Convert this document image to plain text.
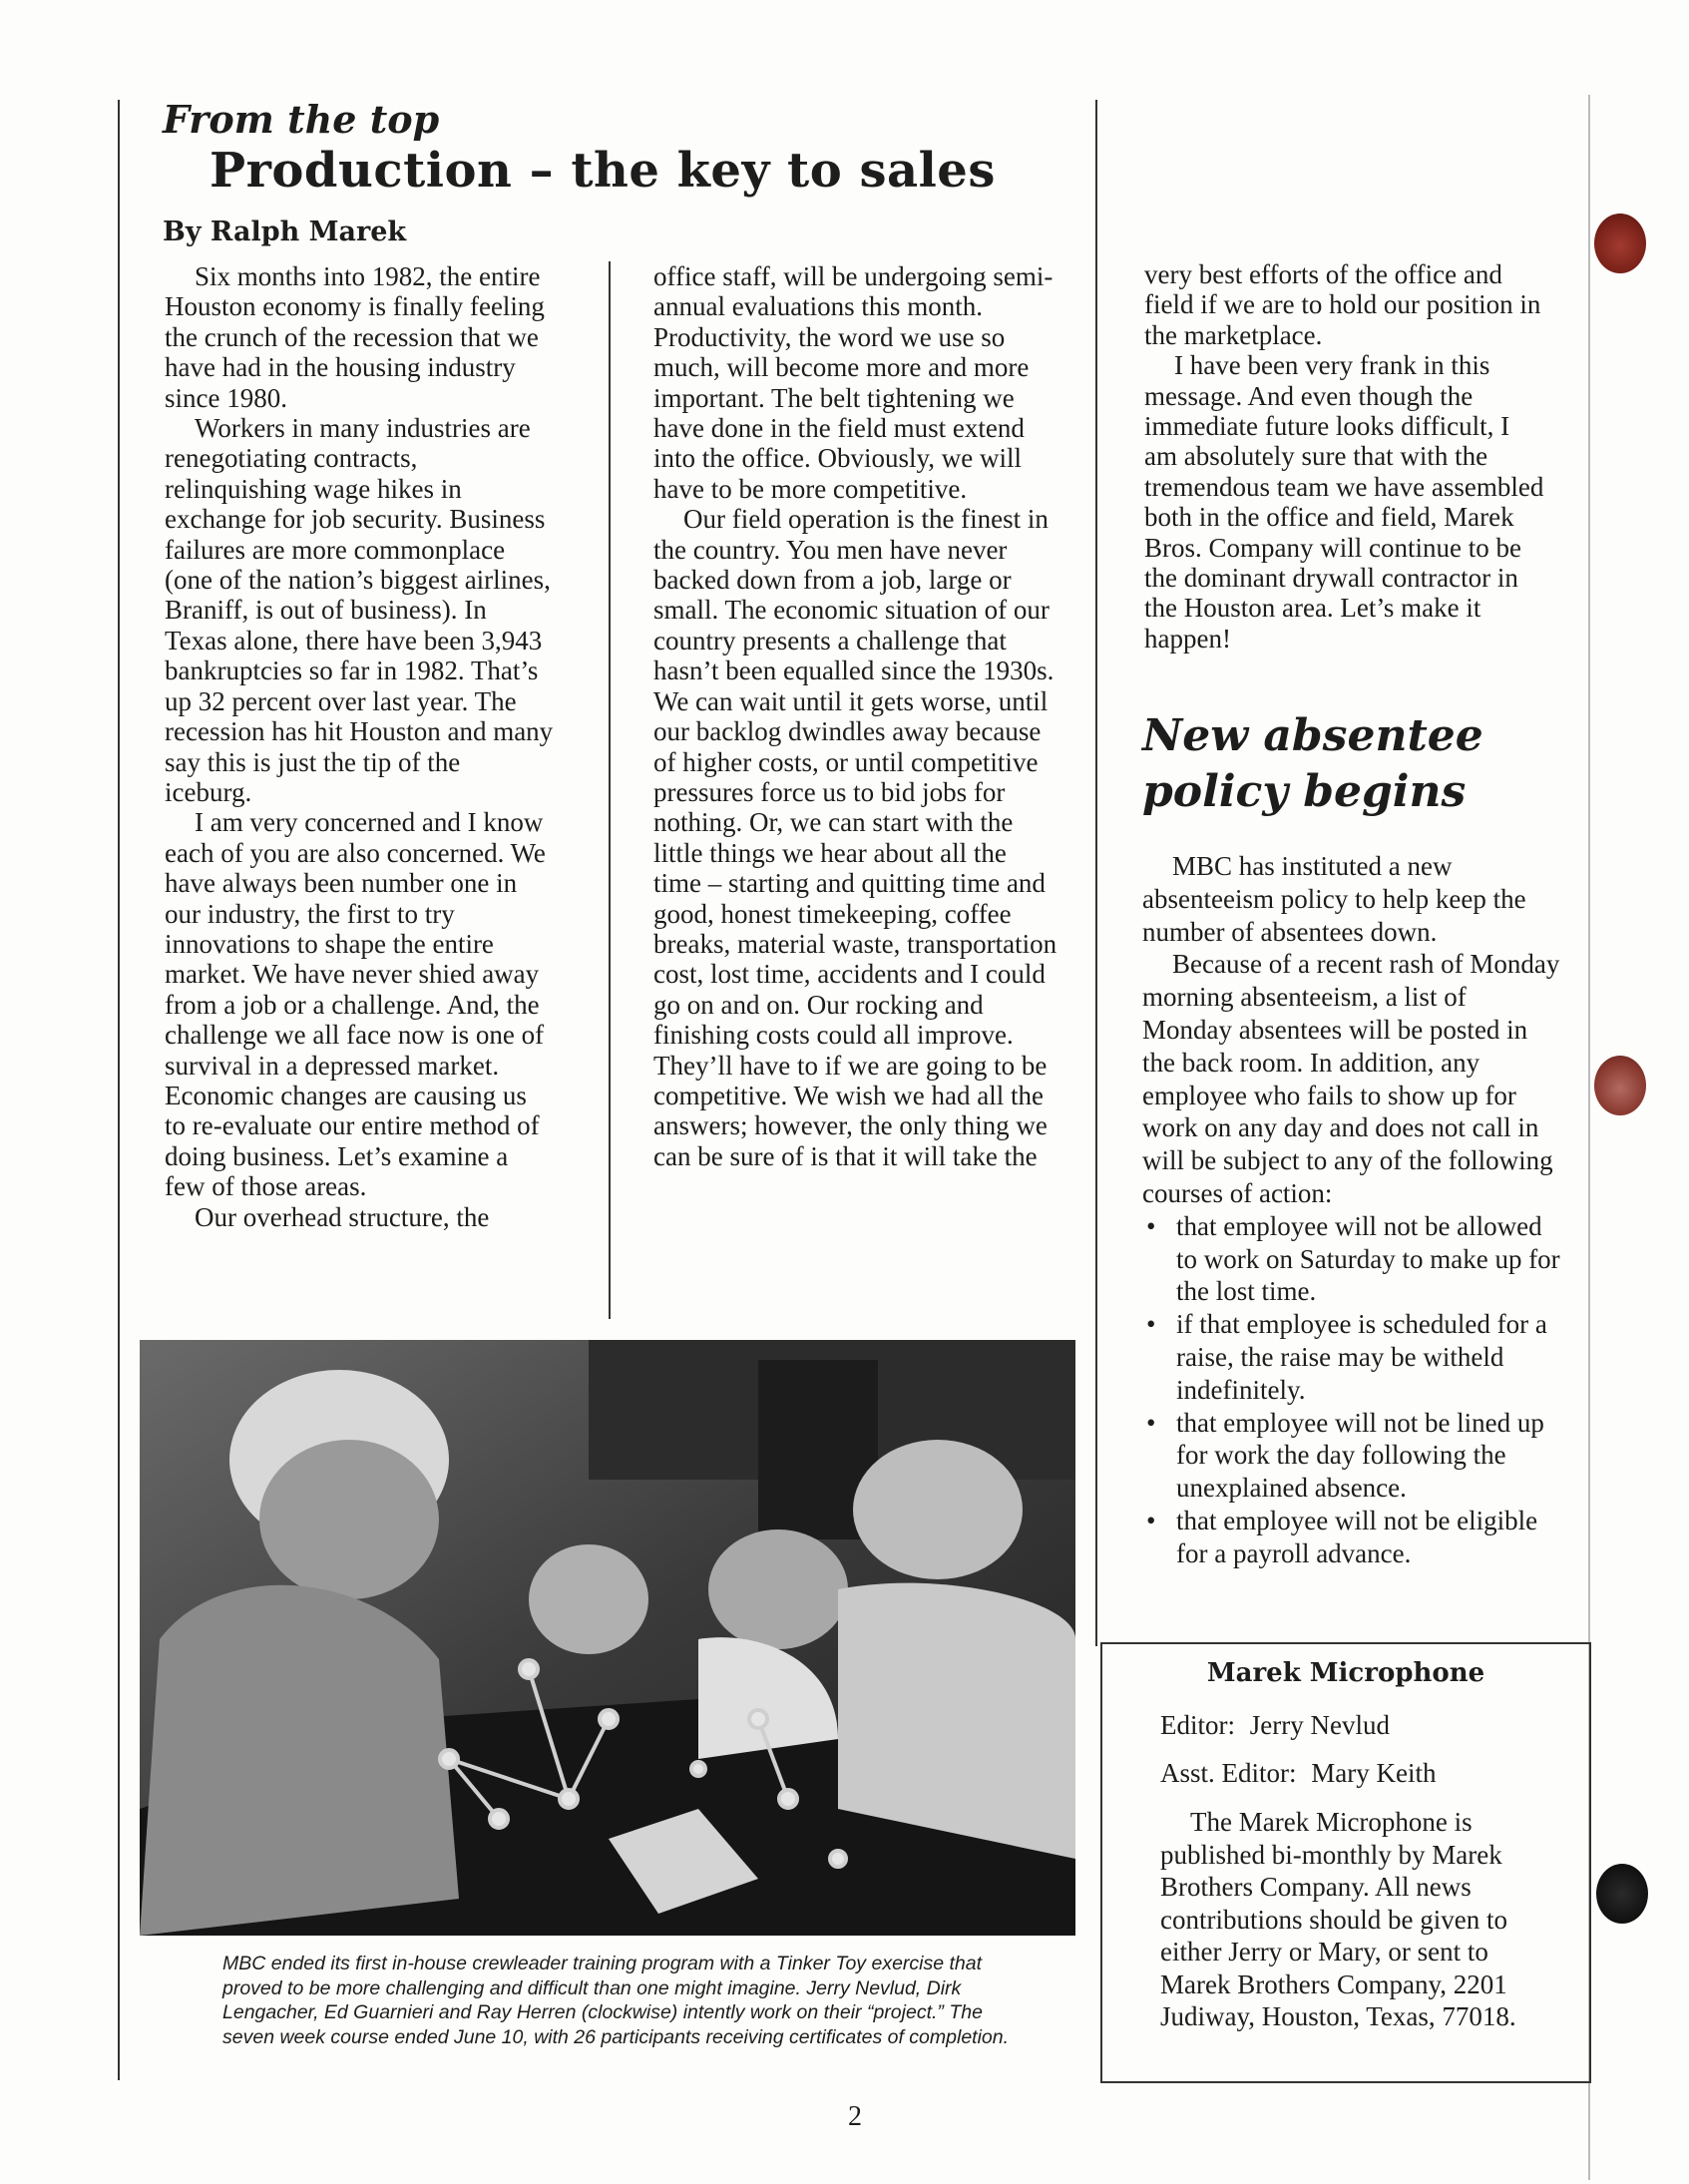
From the top
Production – the key to sales
By Ralph Marek

Six months into 1982, the entire Houston economy is finally feeling the crunch of the recession that we have had in the housing industry since 1980.

Workers in many industries are renegotiating contracts, relinquishing wage hikes in exchange for job security. Business failures are more commonplace (one of the nation’s biggest airlines, Braniff, is out of business). In Texas alone, there have been 3,943 bankruptcies so far in 1982. That’s up 32 percent over last year. The recession has hit Houston and many say this is just the tip of the iceburg.

I am very concerned and I know each of you are also concerned. We have always been number one in our industry, the first to try innovations to shape the entire market. We have never shied away from a job or a challenge. And, the challenge we all face now is one of survival in a depressed market. Economic changes are causing us to re-evaluate our entire method of doing business. Let’s examine a few of those areas.

Our overhead structure, the

office staff, will be undergoing semi-annual evaluations this month. Productivity, the word we use so much, will become more and more important. The belt tightening we have done in the field must extend into the office. Obviously, we will have to be more competitive.

Our field operation is the finest in the country. You men have never backed down from a job, large or small. The economic situation of our country presents a challenge that hasn’t been equalled since the 1930s. We can wait until it gets worse, until our backlog dwindles away because of higher costs, or until competitive pressures force us to bid jobs for nothing. Or, we can start with the little things we hear about all the time – starting and quitting time and good, honest timekeeping, coffee breaks, material waste, transportation cost, lost time, accidents and I could go on and on. Our rocking and finishing costs could all improve. They’ll have to if we are going to be competitive. We wish we had all the answers; however, the only thing we can be sure of is that it will take the

very best efforts of the office and field if we are to hold our position in the marketplace.

I have been very frank in this message. And even though the immediate future looks difficult, I am absolutely sure that with the tremendous team we have assembled both in the office and field, Marek Bros. Company will continue to be the dominant drywall contractor in the Houston area. Let’s make it happen!

New absentee
policy begins

MBC has instituted a new absenteeism policy to help keep the number of absentees down.

Because of a recent rash of Monday morning absenteeism, a list of Monday absentees will be posted in the back room. In addition, any employee who fails to show up for work on any day and does not call in will be subject to any of the following courses of action:

• that employee will not be allowed to work on Saturday to make up for the lost time.
• if that employee is scheduled for a raise, the raise may be witheld indefinitely.
• that employee will not be lined up for work the day following the unexplained absence.
• that employee will not be eligible for a payroll advance.
Marek Microphone
Editor: Jerry Nevlud
Asst. Editor: Mary Keith

The Marek Microphone is published bi-monthly by Marek Brothers Company. All news contributions should be given to either Jerry or Mary, or sent to Marek Brothers Company, 2201 Judiway, Houston, Texas, 77018.

MBC ended its first in-house crewleader training program with a Tinker Toy exercise that proved to be more challenging and difficult than one might imagine. Jerry Nevlud, Dirk Lengacher, Ed Guarnieri and Ray Herren (clockwise) intently work on their “project.” The seven week course ended June 10, with 26 participants receiving certificates of completion.
2
